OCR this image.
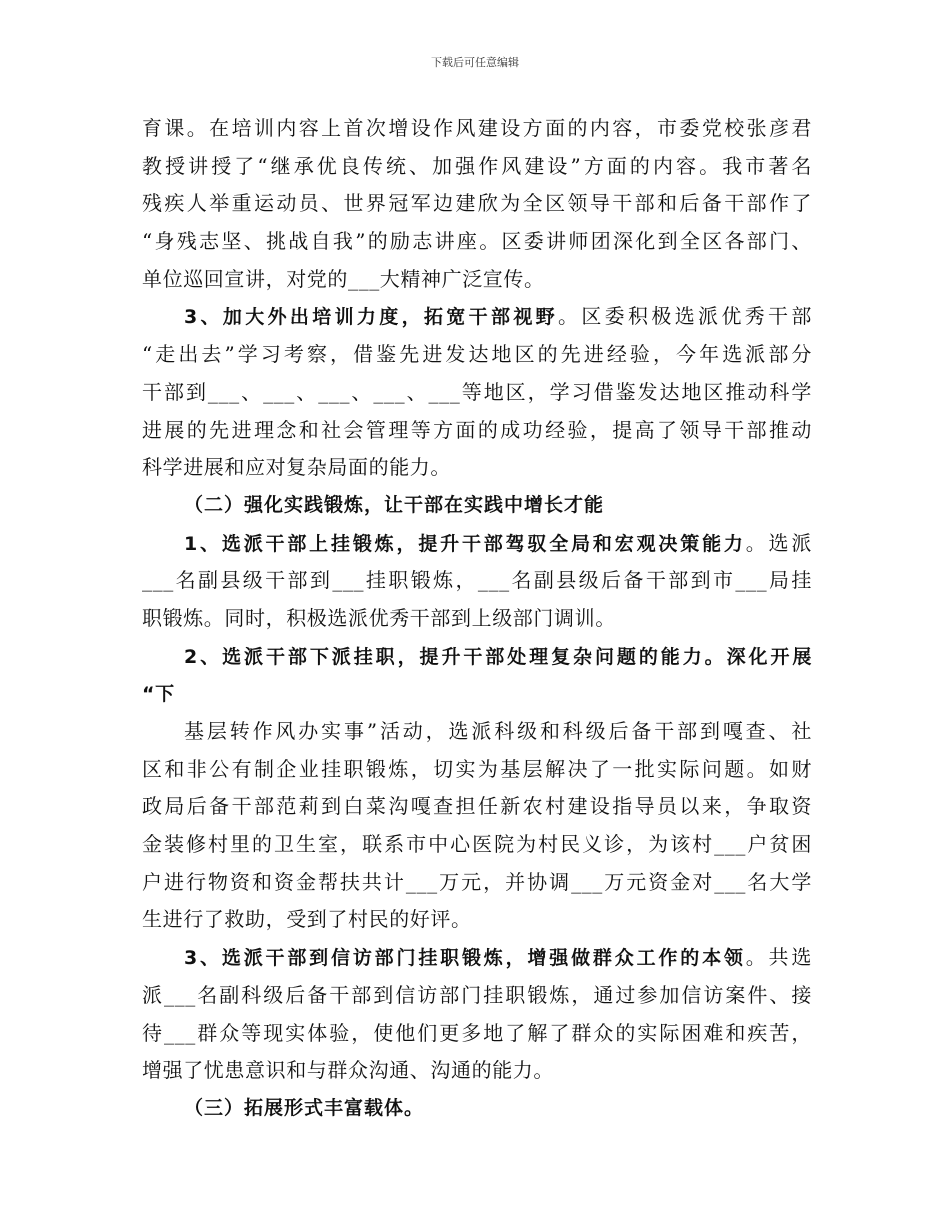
下载后可任意编辑
育课。在培训内容上首次增设作风建设方面的内容，市委党校张彦君
教授讲授了“继承优良传统、加强作风建设”方面的内容。我市著名
残疾人举重运动员、世界冠军边建欣为全区领导干部和后备干部作了
“身残志坚、挑战自我”的励志讲座。区委讲师团深化到全区各部门、
单位巡回宣讲，对党的___大精神广泛宣传。
3、加大外出培训力度，拓宽干部视野。区委积极选派优秀干部
“走出去”学习考察，借鉴先进发达地区的先进经验，今年选派部分
干部到___、___、___、___、___等地区，学习借鉴发达地区推动科学
进展的先进理念和社会管理等方面的成功经验，提高了领导干部推动
科学进展和应对复杂局面的能力。
（二）强化实践锻炼，让干部在实践中增长才能
1、选派干部上挂锻炼，提升干部驾驭全局和宏观决策能力。选派
___名副县级干部到___挂职锻炼，___名副县级后备干部到市___局挂
职锻炼。同时，积极选派优秀干部到上级部门调训。
2、选派干部下派挂职，提升干部处理复杂问题的能力。深化开展
“下
基层转作风办实事”活动，选派科级和科级后备干部到嘎查、社
区和非公有制企业挂职锻炼，切实为基层解决了一批实际问题。如财
政局后备干部范莉到白菜沟嘎查担任新农村建设指导员以来，争取资
金装修村里的卫生室，联系市中心医院为村民义诊，为该村___户贫困
户进行物资和资金帮扶共计___万元，并协调___万元资金对___名大学
生进行了救助，受到了村民的好评。
3、选派干部到信访部门挂职锻炼，增强做群众工作的本领。共选
派___名副科级后备干部到信访部门挂职锻炼，通过参加信访案件、接
待___群众等现实体验，使他们更多地了解了群众的实际困难和疾苦，
增强了忧患意识和与群众沟通、沟通的能力。
（三）拓展形式丰富载体。
